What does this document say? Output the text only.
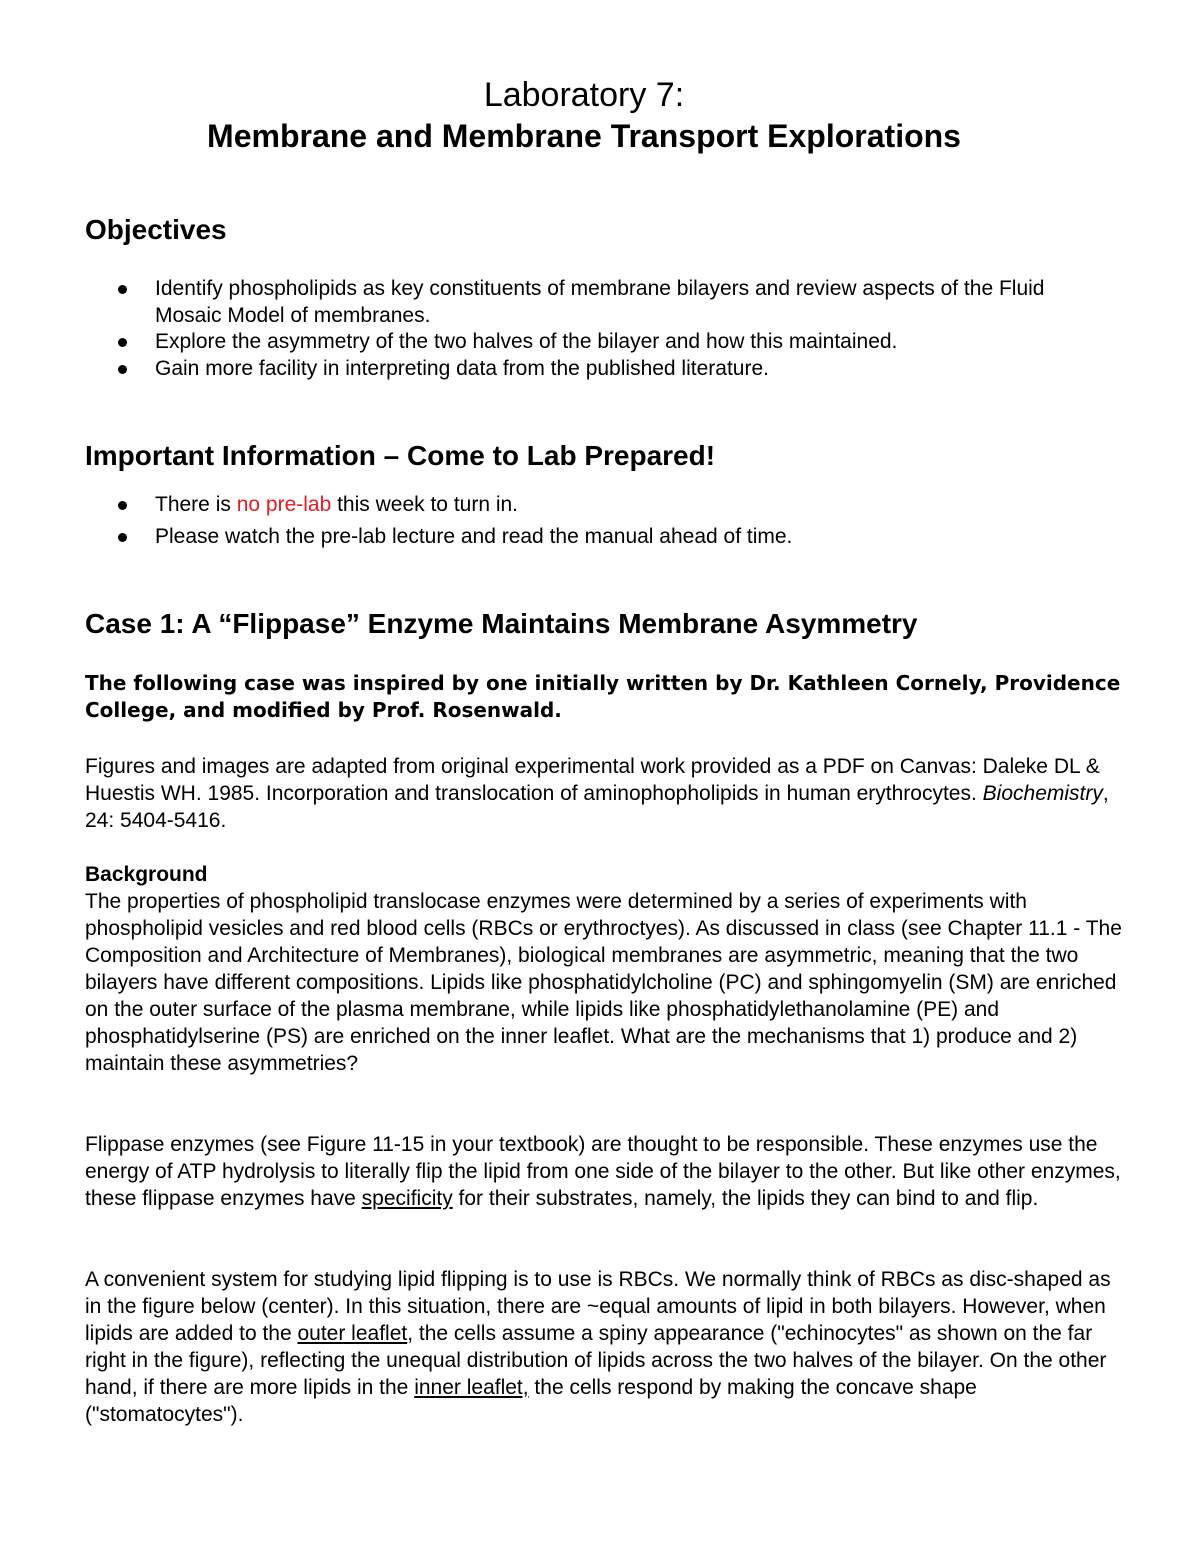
Laboratory 7:
Membrane and Membrane Transport Explorations
Objectives
Identify phospholipids as key constituents of membrane bilayers and review aspects of the Fluid Mosaic Model of membranes.
Explore the asymmetry of the two halves of the bilayer and how this maintained.
Gain more facility in interpreting data from the published literature.
Important Information – Come to Lab Prepared!
There is no pre-lab this week to turn in.
Please watch the pre-lab lecture and read the manual ahead of time.
Case 1: A “Flippase” Enzyme Maintains Membrane Asymmetry

The following case was inspired by one initially written by Dr. Kathleen Cornely, Providence College, and modified by Prof. Rosenwald.

Figures and images are adapted from original experimental work provided as a PDF on Canvas: Daleke DL & Huestis WH. 1985. Incorporation and translocation of aminophopholipids in human erythrocytes. Biochemistry, 24: 5404-5416.

Background

The properties of phospholipid translocase enzymes were determined by a series of experiments with phospholipid vesicles and red blood cells (RBCs or erythroctyes). As discussed in class (see Chapter 11.1 - The Composition and Architecture of Membranes), biological membranes are asymmetric, meaning that the two bilayers have different compositions. Lipids like phosphatidylcholine (PC) and sphingomyelin (SM) are enriched on the outer surface of the plasma membrane, while lipids like phosphatidylethanolamine (PE) and phosphatidylserine (PS) are enriched on the inner leaflet. What are the mechanisms that 1) produce and 2) maintain these asymmetries?

Flippase enzymes (see Figure 11-15 in your textbook) are thought to be responsible. These enzymes use the energy of ATP hydrolysis to literally flip the lipid from one side of the bilayer to the other. But like other enzymes, these flippase enzymes have specificity for their substrates, namely, the lipids they can bind to and flip.

A convenient system for studying lipid flipping is to use is RBCs. We normally think of RBCs as disc-shaped as in the figure below (center). In this situation, there are ~equal amounts of lipid in both bilayers. However, when lipids are added to the outer leaflet, the cells assume a spiny appearance ("echinocytes" as shown on the far right in the figure), reflecting the unequal distribution of lipids across the two halves of the bilayer. On the other hand, if there are more lipids in the inner leaflet, the cells respond by making the concave shape ("stomatocytes").
